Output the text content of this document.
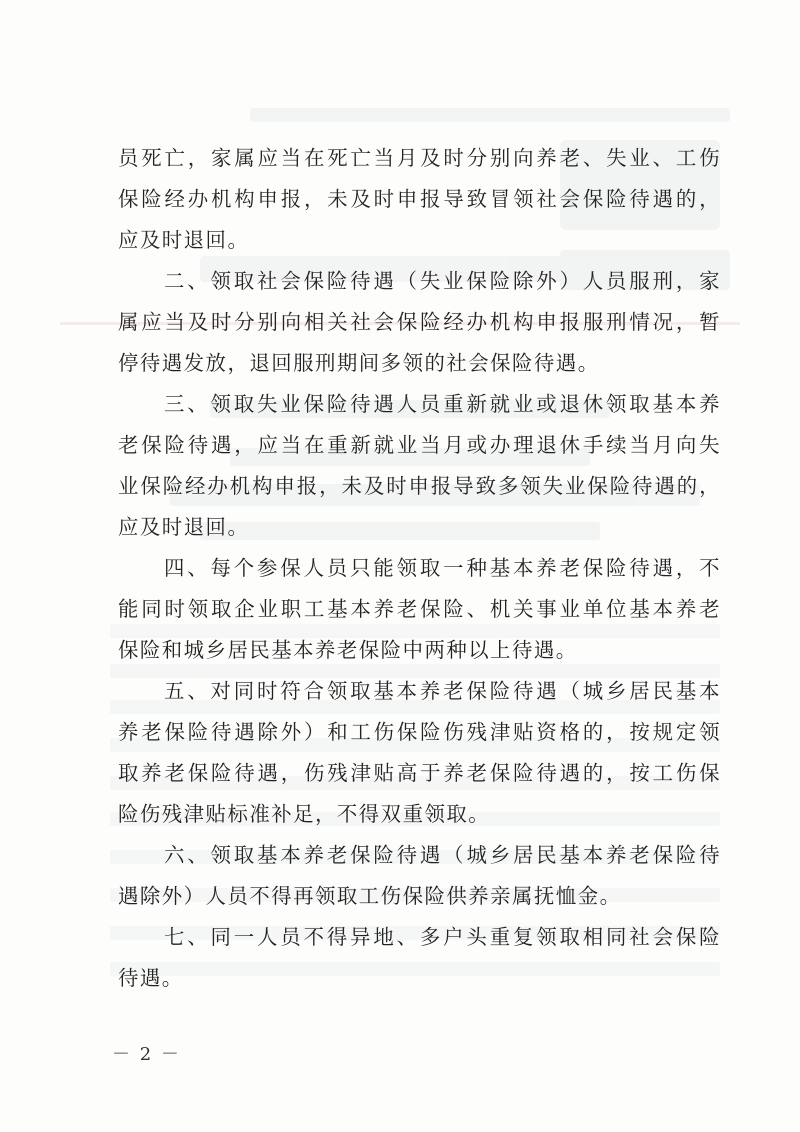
员死亡，家属应当在死亡当月及时分别向养老、失业、工伤
保险经办机构申报，未及时申报导致冒领社会保险待遇的，
应及时退回。
二、领取社会保险待遇（失业保险除外）人员服刑，家
属应当及时分别向相关社会保险经办机构申报服刑情况，暂
停待遇发放，退回服刑期间多领的社会保险待遇。
三、领取失业保险待遇人员重新就业或退休领取基本养
老保险待遇，应当在重新就业当月或办理退休手续当月向失
业保险经办机构申报，未及时申报导致多领失业保险待遇的，
应及时退回。
四、每个参保人员只能领取一种基本养老保险待遇，不
能同时领取企业职工基本养老保险、机关事业单位基本养老
保险和城乡居民基本养老保险中两种以上待遇。
五、对同时符合领取基本养老保险待遇（城乡居民基本
养老保险待遇除外）和工伤保险伤残津贴资格的，按规定领
取养老保险待遇，伤残津贴高于养老保险待遇的，按工伤保
险伤残津贴标准补足，不得双重领取。
六、领取基本养老保险待遇（城乡居民基本养老保险待
遇除外）人员不得再领取工伤保险供养亲属抚恤金。
七、同一人员不得异地、多户头重复领取相同社会保险
待遇。
－ 2 －
